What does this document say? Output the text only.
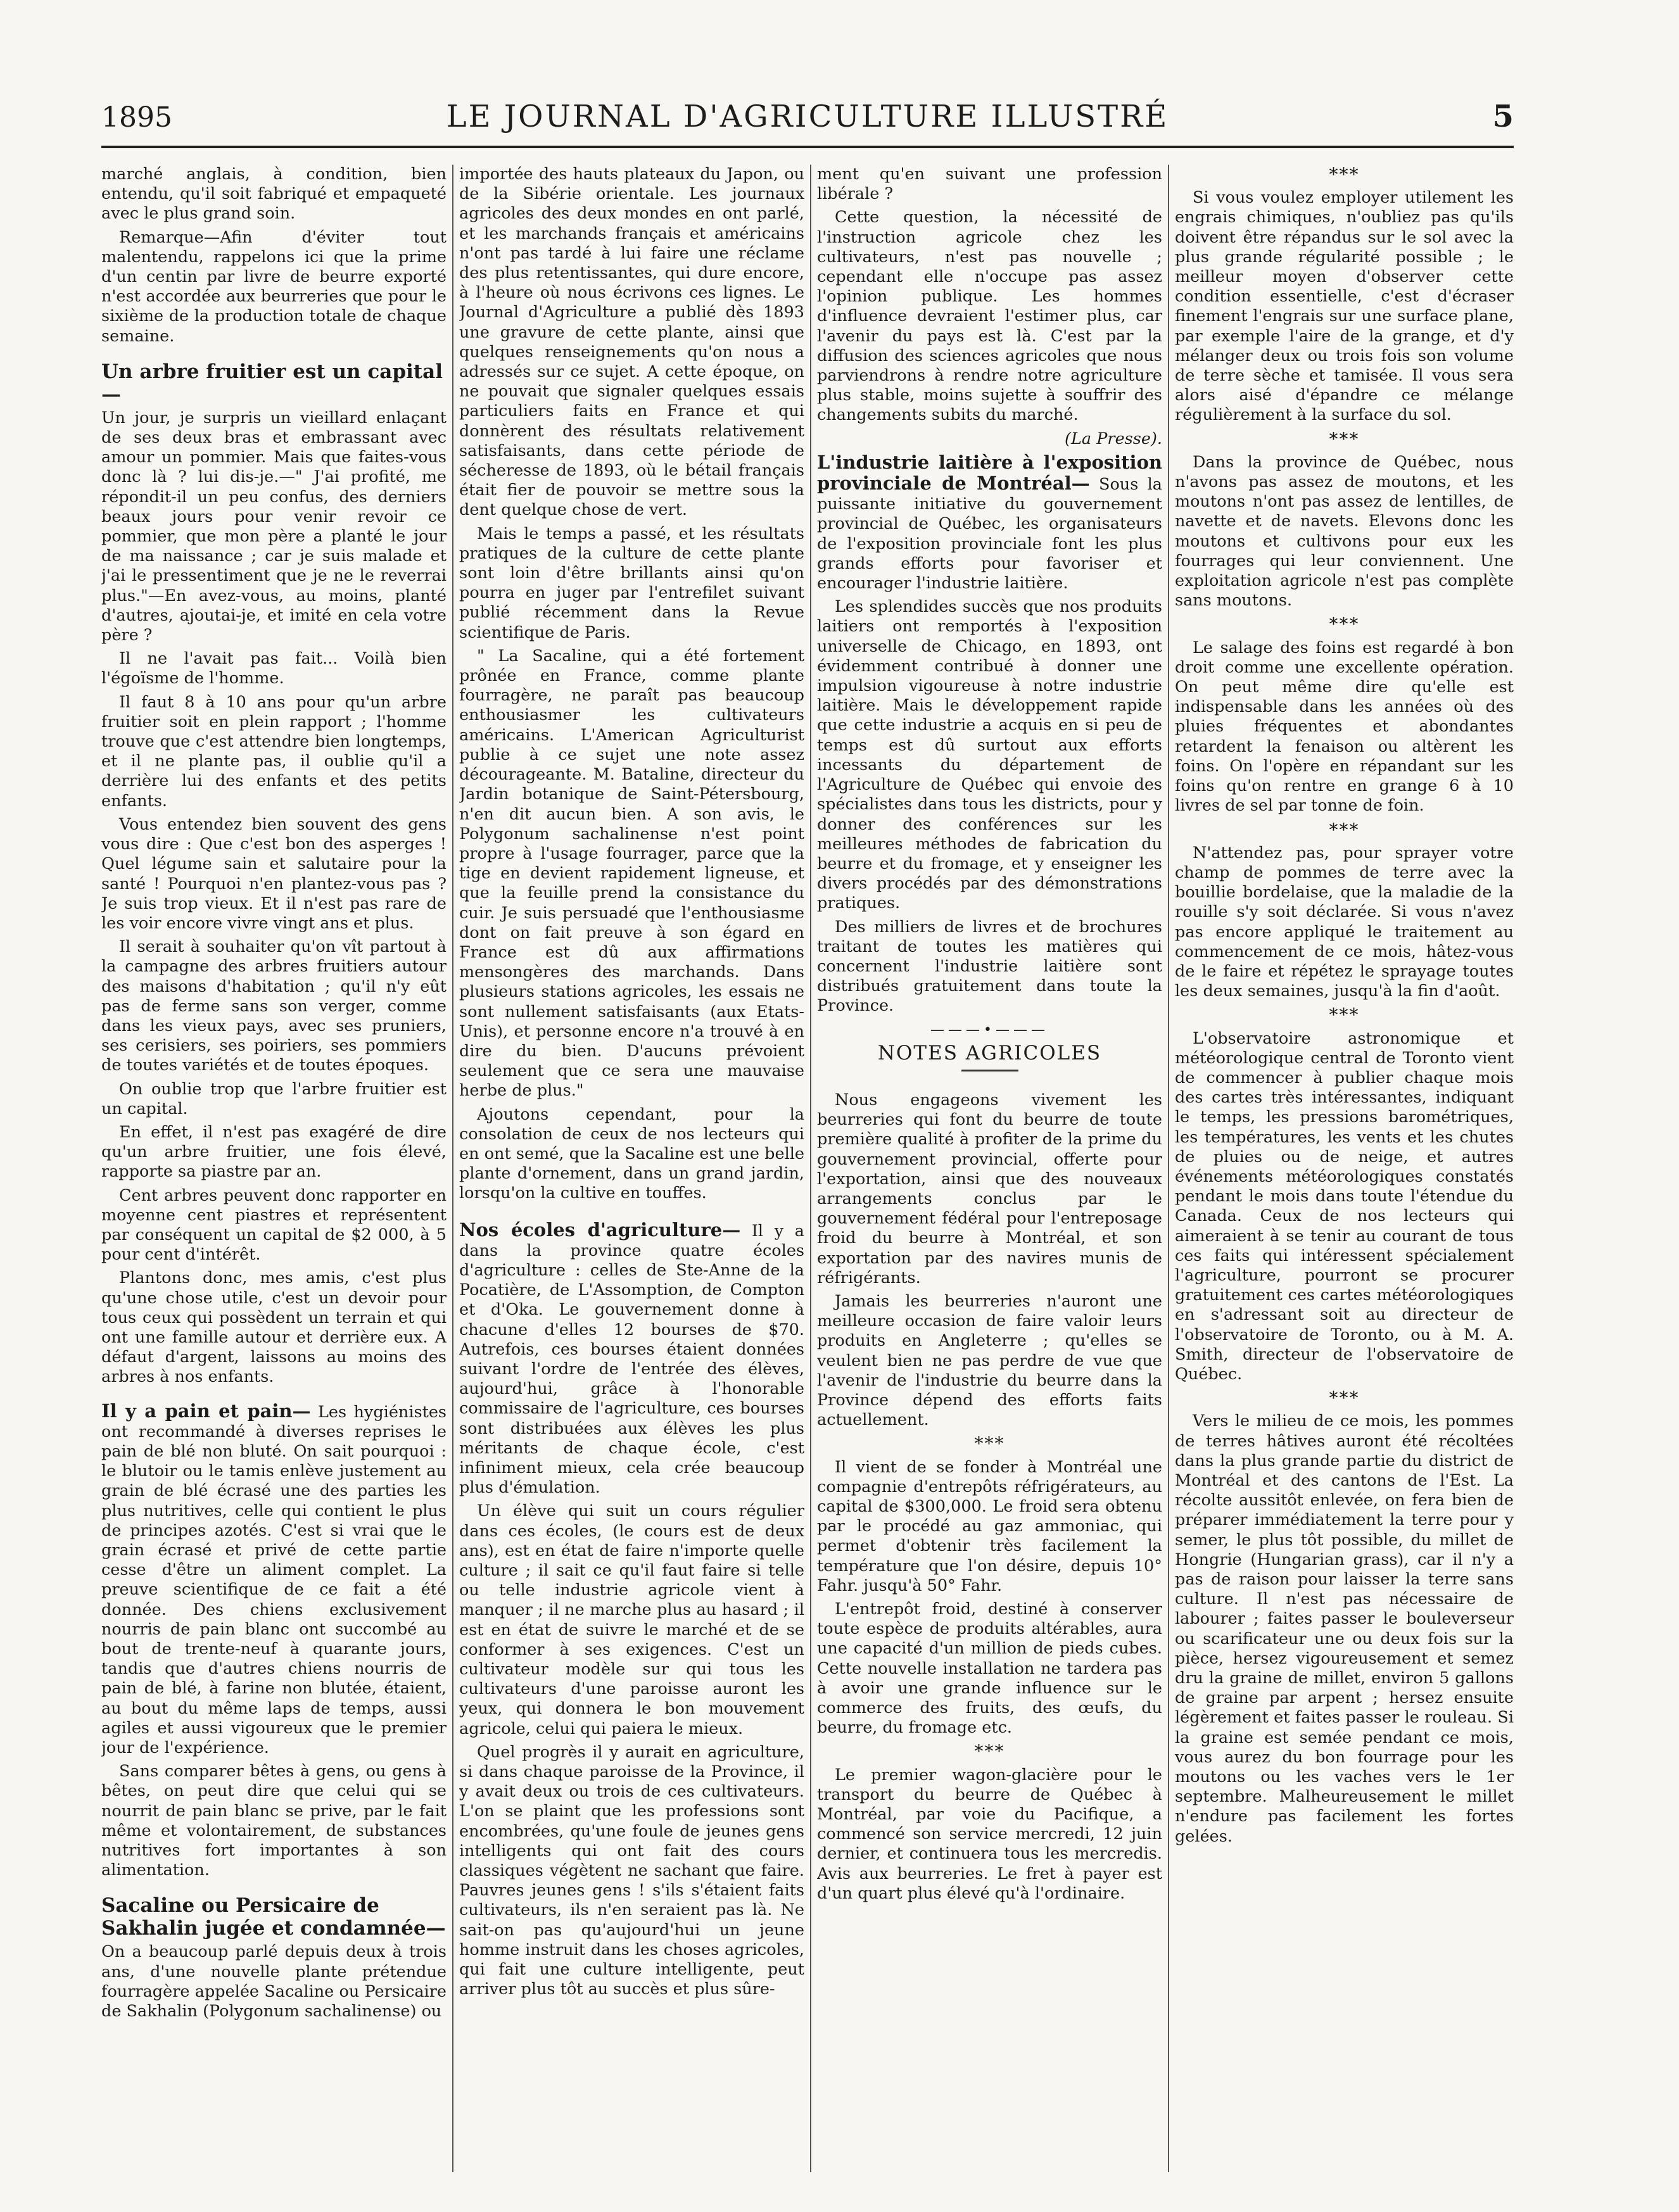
1895	LE JOURNAL D'AGRICULTURE ILLUSTRÉ	5

marché anglais, à condition, bien entendu, qu'il soit fabriqué et empaqueté avec le plus grand soin.

Remarque—Afin d'éviter tout malentendu, rappelons ici que la prime d'un centin par livre de beurre exporté n'est accordée aux beurreries que pour le sixième de la production totale de chaque semaine.

Un arbre fruitier est un capital—

Un jour, je surpris un vieillard enlaçant de ses deux bras et embrassant avec amour un pommier. Mais que faites-vous donc là ? lui dis-je.—" J'ai profité, me répondit-il un peu confus, des derniers beaux jours pour venir revoir ce pommier, que mon père a planté le jour de ma naissance ; car je suis malade et j'ai le pressentiment que je ne le reverrai plus."—En avez-vous, au moins, planté d'autres, ajoutai-je, et imité en cela votre père ?

Il ne l'avait pas fait... Voilà bien l'égoïsme de l'homme.

Il faut 8 à 10 ans pour qu'un arbre fruitier soit en plein rapport ; l'homme trouve que c'est attendre bien longtemps, et il ne plante pas, il oublie qu'il a derrière lui des enfants et des petits enfants.

Vous entendez bien souvent des gens vous dire : Que c'est bon des asperges ! Quel légume sain et salutaire pour la santé ! Pourquoi n'en plantez-vous pas ? Je suis trop vieux. Et il n'est pas rare de les voir encore vivre vingt ans et plus.

Il serait à souhaiter qu'on vît partout à la campagne des arbres fruitiers autour des maisons d'habitation ; qu'il n'y eût pas de ferme sans son verger, comme dans les vieux pays, avec ses pruniers, ses cerisiers, ses poiriers, ses pommiers de toutes variétés et de toutes époques.

On oublie trop que l'arbre fruitier est un capital.

En effet, il n'est pas exagéré de dire qu'un arbre fruitier, une fois élevé, rapporte sa piastre par an.

Cent arbres peuvent donc rapporter en moyenne cent piastres et représentent par conséquent un capital de $2 000, à 5 pour cent d'intérêt.

Plantons donc, mes amis, c'est plus qu'une chose utile, c'est un devoir pour tous ceux qui possèdent un terrain et qui ont une famille autour et derrière eux. A défaut d'argent, laissons au moins des arbres à nos enfants.

Il y a pain et pain— Les hygiénistes ont recommandé à diverses reprises le pain de blé non bluté. On sait pourquoi : le blutoir ou le tamis enlève justement au grain de blé écrasé une des parties les plus nutritives, celle qui contient le plus de principes azotés. C'est si vrai que le grain écrasé et privé de cette partie cesse d'être un aliment complet. La preuve scientifique de ce fait a été donnée. Des chiens exclusivement nourris de pain blanc ont succombé au bout de trente-neuf à quarante jours, tandis que d'autres chiens nourris de pain de blé, à farine non blutée, étaient, au bout du même laps de temps, aussi agiles et aussi vigoureux que le premier jour de l'expérience.

Sans comparer bêtes à gens, ou gens à bêtes, on peut dire que celui qui se nourrit de pain blanc se prive, par le fait même et volontairement, de substances nutritives fort importantes à son alimentation.

Sacaline ou Persicaire de Sakhalin jugée et condamnée—

On a beaucoup parlé depuis deux à trois ans, d'une nouvelle plante prétendue fourragère appelée Sacaline ou Persicaire de Sakhalin (Polygonum sachalinense) ou

importée des hauts plateaux du Japon, ou de la Sibérie orientale. Les journaux agricoles des deux mondes en ont parlé, et les marchands français et américains n'ont pas tardé à lui faire une réclame des plus retentissantes, qui dure encore, à l'heure où nous écrivons ces lignes. Le Journal d'Agriculture a publié dès 1893 une gravure de cette plante, ainsi que quelques renseignements qu'on nous a adressés sur ce sujet. A cette époque, on ne pouvait que signaler quelques essais particuliers faits en France et qui donnèrent des résultats relativement satisfaisants, dans cette période de sécheresse de 1893, où le bétail français était fier de pouvoir se mettre sous la dent quelque chose de vert.

Mais le temps a passé, et les résultats pratiques de la culture de cette plante sont loin d'être brillants ainsi qu'on pourra en juger par l'entrefilet suivant publié récemment dans la Revue scientifique de Paris.

" La Sacaline, qui a été fortement prônée en France, comme plante fourragère, ne paraît pas beaucoup enthousiasmer les cultivateurs américains. L'American Agriculturist publie à ce sujet une note assez décourageante. M. Bataline, directeur du Jardin botanique de Saint-Pétersbourg, n'en dit aucun bien. A son avis, le Polygonum sachalinense n'est point propre à l'usage fourrager, parce que la tige en devient rapidement ligneuse, et que la feuille prend la consistance du cuir. Je suis persuadé que l'enthousiasme dont on fait preuve à son égard en France est dû aux affirmations mensongères des marchands. Dans plusieurs stations agricoles, les essais ne sont nullement satisfaisants (aux Etats-Unis), et personne encore n'a trouvé à en dire du bien. D'aucuns prévoient seulement que ce sera une mauvaise herbe de plus."

Ajoutons cependant, pour la consolation de ceux de nos lecteurs qui en ont semé, que la Sacaline est une belle plante d'ornement, dans un grand jardin, lorsqu'on la cultive en touffes.

Nos écoles d'agriculture— Il y a dans la province quatre écoles d'agriculture : celles de Ste-Anne de la Pocatière, de L'Assomption, de Compton et d'Oka. Le gouvernement donne à chacune d'elles 12 bourses de $70. Autrefois, ces bourses étaient données suivant l'ordre de l'entrée des élèves, aujourd'hui, grâce à l'honorable commissaire de l'agriculture, ces bourses sont distribuées aux élèves les plus méritants de chaque école, c'est infiniment mieux, cela crée beaucoup plus d'émulation.

Un élève qui suit un cours régulier dans ces écoles, (le cours est de deux ans), est en état de faire n'importe quelle culture ; il sait ce qu'il faut faire si telle ou telle industrie agricole vient à manquer ; il ne marche plus au hasard ; il est en état de suivre le marché et de se conformer à ses exigences. C'est un cultivateur modèle sur qui tous les cultivateurs d'une paroisse auront les yeux, qui donnera le bon mouvement agricole, celui qui paiera le mieux.

Quel progrès il y aurait en agriculture, si dans chaque paroisse de la Province, il y avait deux ou trois de ces cultivateurs. L'on se plaint que les professions sont encombrées, qu'une foule de jeunes gens intelligents qui ont fait des cours classiques végètent ne sachant que faire. Pauvres jeunes gens ! s'ils s'étaient faits cultivateurs, ils n'en seraient pas là. Ne sait-on pas qu'aujourd'hui un jeune homme instruit dans les choses agricoles, qui fait une culture intelligente, peut arriver plus tôt au succès et plus sûre-

ment qu'en suivant une profession libérale ?

Cette question, la nécessité de l'instruction agricole chez les cultivateurs, n'est pas nouvelle ; cependant elle n'occupe pas assez l'opinion publique. Les hommes d'influence devraient l'estimer plus, car l'avenir du pays est là. C'est par la diffusion des sciences agricoles que nous parviendrons à rendre notre agriculture plus stable, moins sujette à souffrir des changements subits du marché.

(La Presse).

L'industrie laitière à l'exposition provinciale de Montréal— Sous la puissante initiative du gouvernement provincial de Québec, les organisateurs de l'exposition provinciale font les plus grands efforts pour favoriser et encourager l'industrie laitière.

Les splendides succès que nos produits laitiers ont remportés à l'exposition universelle de Chicago, en 1893, ont évidemment contribué à donner une impulsion vigoureuse à notre industrie laitière. Mais le développement rapide que cette industrie a acquis en si peu de temps est dû surtout aux efforts incessants du département de l'Agriculture de Québec qui envoie des spécialistes dans tous les districts, pour y donner des conférences sur les meilleures méthodes de fabrication du beurre et du fromage, et y enseigner les divers procédés par des démonstrations pratiques.

Des milliers de livres et de brochures traitant de toutes les matières qui concernent l'industrie laitière sont distribués gratuitement dans toute la Province.

———•———

NOTES AGRICOLES

Nous engageons vivement les beurreries qui font du beurre de toute première qualité à profiter de la prime du gouvernement provincial, offerte pour l'exportation, ainsi que des nouveaux arrangements conclus par le gouvernement fédéral pour l'entreposage froid du beurre à Montréal, et son exportation par des navires munis de réfrigérants.

Jamais les beurreries n'auront une meilleure occasion de faire valoir leurs produits en Angleterre ; qu'elles se veulent bien ne pas perdre de vue que l'avenir de l'industrie du beurre dans la Province dépend des efforts faits actuellement.

***

Il vient de se fonder à Montréal une compagnie d'entrepôts réfrigérateurs, au capital de $300,000. Le froid sera obtenu par le procédé au gaz ammoniac, qui permet d'obtenir très facilement la température que l'on désire, depuis 10° Fahr. jusqu'à 50° Fahr.

L'entrepôt froid, destiné à conserver toute espèce de produits altérables, aura une capacité d'un million de pieds cubes. Cette nouvelle installation ne tardera pas à avoir une grande influence sur le commerce des fruits, des œufs, du beurre, du fromage etc.

***

Le premier wagon-glacière pour le transport du beurre de Québec à Montréal, par voie du Pacifique, a commencé son service mercredi, 12 juin dernier, et continuera tous les mercredis. Avis aux beurreries. Le fret à payer est d'un quart plus élevé qu'à l'ordinaire.

***

Si vous voulez employer utilement les engrais chimiques, n'oubliez pas qu'ils doivent être répandus sur le sol avec la plus grande régularité possible ; le meilleur moyen d'observer cette condition essentielle, c'est d'écraser finement l'engrais sur une surface plane, par exemple l'aire de la grange, et d'y mélanger deux ou trois fois son volume de terre sèche et tamisée. Il vous sera alors aisé d'épandre ce mélange régulièrement à la surface du sol.

***

Dans la province de Québec, nous n'avons pas assez de moutons, et les moutons n'ont pas assez de lentilles, de navette et de navets. Elevons donc les moutons et cultivons pour eux les fourrages qui leur conviennent. Une exploitation agricole n'est pas complète sans moutons.

***

Le salage des foins est regardé à bon droit comme une excellente opération. On peut même dire qu'elle est indispensable dans les années où des pluies fréquentes et abondantes retardent la fenaison ou altèrent les foins. On l'opère en répandant sur les foins qu'on rentre en grange 6 à 10 livres de sel par tonne de foin.

***

N'attendez pas, pour sprayer votre champ de pommes de terre avec la bouillie bordelaise, que la maladie de la rouille s'y soit déclarée. Si vous n'avez pas encore appliqué le traitement au commencement de ce mois, hâtez-vous de le faire et répétez le sprayage toutes les deux semaines, jusqu'à la fin d'août.

***

L'observatoire astronomique et météorologique central de Toronto vient de commencer à publier chaque mois des cartes très intéressantes, indiquant le temps, les pressions barométriques, les températures, les vents et les chutes de pluies ou de neige, et autres événements météorologiques constatés pendant le mois dans toute l'étendue du Canada. Ceux de nos lecteurs qui aimeraient à se tenir au courant de tous ces faits qui intéressent spécialement l'agriculture, pourront se procurer gratuitement ces cartes météorologiques en s'adressant soit au directeur de l'observatoire de Toronto, ou à M. A. Smith, directeur de l'observatoire de Québec.

***

Vers le milieu de ce mois, les pommes de terres hâtives auront été récoltées dans la plus grande partie du district de Montréal et des cantons de l'Est. La récolte aussitôt enlevée, on fera bien de préparer immédiatement la terre pour y semer, le plus tôt possible, du millet de Hongrie (Hungarian grass), car il n'y a pas de raison pour laisser la terre sans culture. Il n'est pas nécessaire de labourer ; faites passer le bouleverseur ou scarificateur une ou deux fois sur la pièce, hersez vigoureusement et semez dru la graine de millet, environ 5 gallons de graine par arpent ; hersez ensuite légèrement et faites passer le rouleau. Si la graine est semée pendant ce mois, vous aurez du bon fourrage pour les moutons ou les vaches vers le 1er septembre. Malheureusement le millet n'endure pas facilement les fortes gelées.
